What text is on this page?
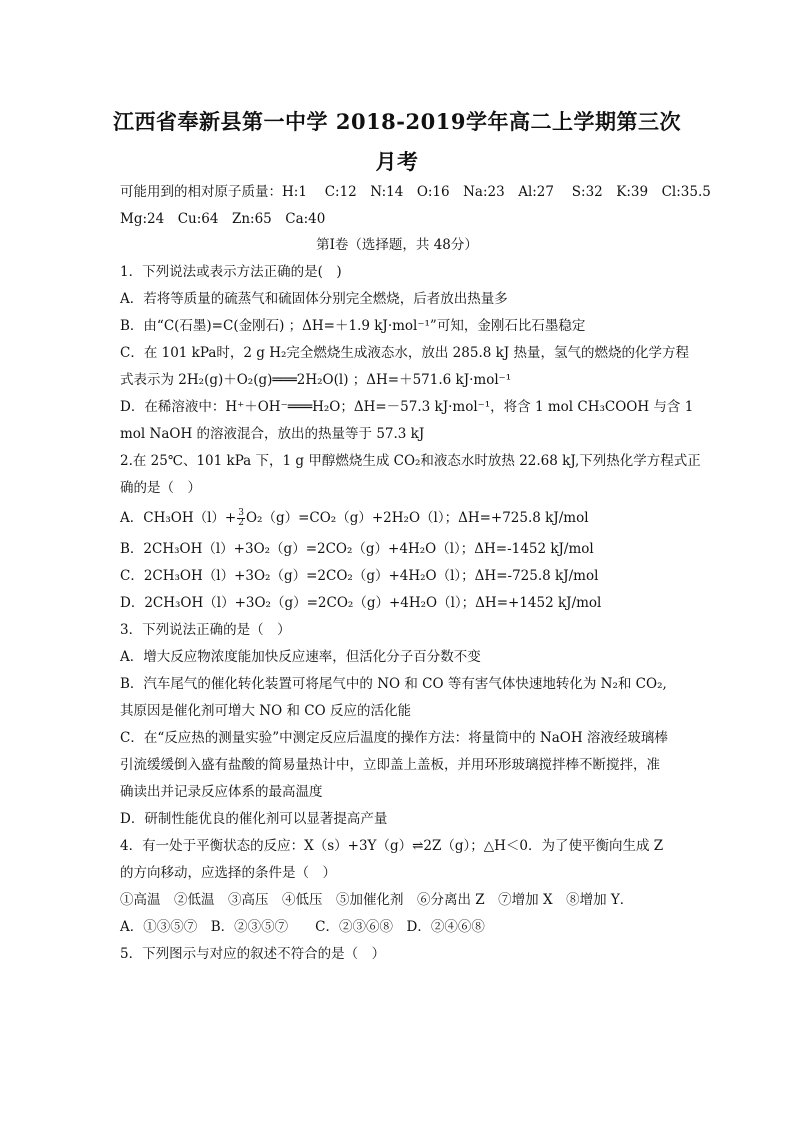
江西省奉新县第一中学 2018-2019学年高二上学期第三次
月考
可能用到的相对原子质量：H:1　 C:12　N:14　O:16　Na:23　Al:27　 S:32　K:39　Cl:35.5
Mg:24　Cu:64　Zn:65　Ca:40
第Ⅰ卷（选择题，共 48分）
1．下列说法或表示方法正确的是(　)
A．若将等质量的硫蒸气和硫固体分别完全燃烧，后者放出热量多
B．由“C(石墨)=C(金刚石) ；ΔH=＋1.9 kJ·mol⁻¹”可知，金刚石比石墨稳定
C．在 101 kPa时，2 g H₂完全燃烧生成液态水，放出 285.8 kJ 热量，氢气的燃烧的化学方程
式表示为 2H₂(g)＋O₂(g)═══2H₂O(l) ；ΔH=＋571.6 kJ·mol⁻¹
D．在稀溶液中：H⁺＋OH⁻═══H₂O；ΔH=－57.3 kJ·mol⁻¹，将含 1 mol CH₃COOH 与含 1
mol NaOH 的溶液混合，放出的热量等于 57.3 kJ
2.在 25℃、101 kPa 下，1 g 甲醇燃烧生成 CO₂和液态水时放热 22.68 kJ,下列热化学方程式正
确的是（　）
A．$CH_3OH(l)+ \frac{3}{2} O_2(g)=CO_2(g)+2H_2O(l)$；ΔH=+725.8 kJ/mol
B．2CH₃OH（l）+3O₂（g）=2CO₂（g）+4H₂O（l）；ΔH=-1452 kJ/mol
C．2CH₃OH（l）+3O₂（g）=2CO₂（g）+4H₂O（l）；ΔH=-725.8 kJ/mol
D．2CH₃OH（l）+3O₂（g）=2CO₂（g）+4H₂O（l）；ΔH=+1452 kJ/mol
3．下列说法正确的是（　）
A．增大反应物浓度能加快反应速率，但活化分子百分数不变
B．汽车尾气的催化转化装置可将尾气中的 NO 和 CO 等有害气体快速地转化为 N₂和 CO₂,
其原因是催化剂可增大 NO 和 CO 反应的活化能
C．在“反应热的测量实验”中测定反应后温度的操作方法：将量筒中的 NaOH 溶液经玻璃棒
引流缓缓倒入盛有盐酸的简易量热计中，立即盖上盖板，并用环形玻璃搅拌棒不断搅拌，准
确读出并记录反应体系的最高温度
D．研制性能优良的催化剂可以显著提高产量
4．有一处于平衡状态的反应：X（s）+3Y（g）⇌2Z（g）；△H＜0．为了使平衡向生成 Z
的方向移动，应选择的条件是（　）
①高温　②低温　③高压　④低压　⑤加催化剂　⑥分离出 Z　⑦增加 X　⑧增加 Y．
A．①③⑤⑦　B．②③⑤⑦　　C．②③⑥⑧　D．②④⑥⑧
5．下列图示与对应的叙述不符合的是（　）
